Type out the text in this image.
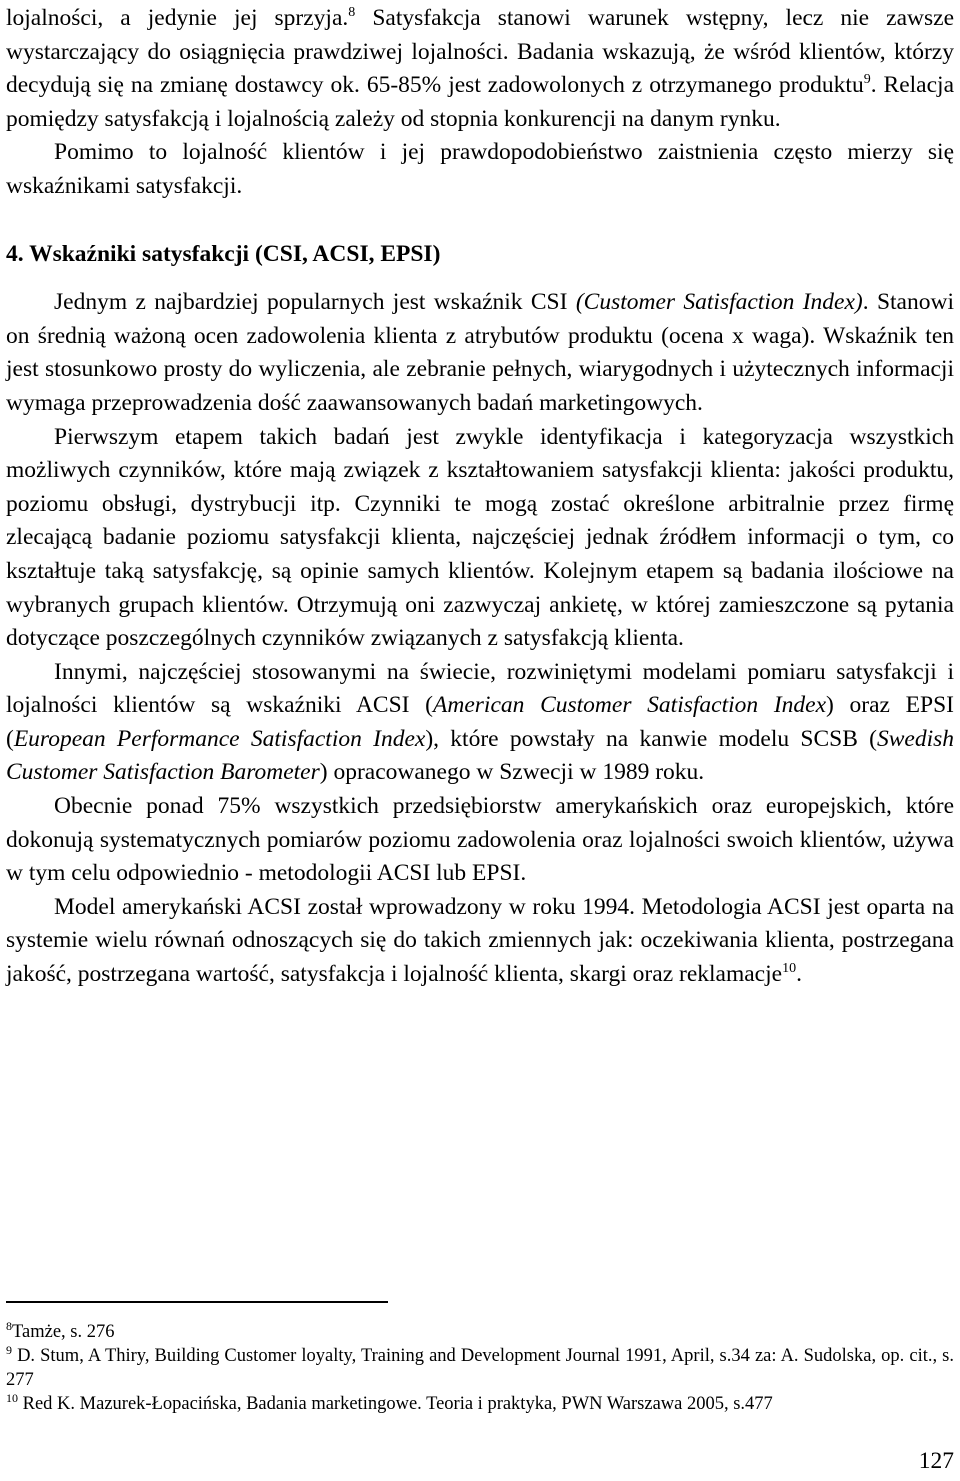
lojalności, a jedynie jej sprzyja.$^8$ Satysfakcja stanowi warunek wstępny, lecz nie zawsze wystarczający do osiągnięcia prawdziwej lojalności. Badania wskazują, że wśród klientów, którzy decydują się na zmianę dostawcy ok. 65-85% jest zadowolonych z otrzymanego produktu$^9$. Relacja pomiędzy satysfakcją i lojalnością zależy od stopnia konkurencji na danym rynku.

Pomimo to lojalność klientów i jej prawdopodobieństwo zaistnienia często mierzy się wskaźnikami satysfakcji.

4. Wskaźniki satysfakcji (CSI, ACSI, EPSI)

Jednym z najbardziej popularnych jest wskaźnik CSI (Customer Satisfaction Index). Stanowi on średnią ważoną ocen zadowolenia klienta z atrybutów produktu (ocena x waga). Wskaźnik ten jest stosunkowo prosty do wyliczenia, ale zebranie pełnych, wiarygodnych i użytecznych informacji wymaga przeprowadzenia dość zaawansowanych badań marketingowych.

Pierwszym etapem takich badań jest zwykle identyfikacja i kategoryzacja wszystkich możliwych czynników, które mają związek z kształtowaniem satysfakcji klienta: jakości produktu, poziomu obsługi, dystrybucji itp. Czynniki te mogą zostać określone arbitralnie przez firmę zlecającą badanie poziomu satysfakcji klienta, najczęściej jednak źródłem informacji o tym, co kształtuje taką satysfakcję, są opinie samych klientów. Kolejnym etapem są badania ilościowe na wybranych grupach klientów. Otrzymują oni zazwyczaj ankietę, w której zamieszczone są pytania dotyczące poszczególnych czynników związanych z satysfakcją klienta.

Innymi, najczęściej stosowanymi na świecie, rozwiniętymi modelami pomiaru satysfakcji i lojalności klientów są wskaźniki ACSI (American Customer Satisfaction Index) oraz EPSI (European Performance Satisfaction Index), które powstały na kanwie modelu SCSB (Swedish Customer Satisfaction Barometer) opracowanego w Szwecji w 1989 roku.

Obecnie ponad 75% wszystkich przedsiębiorstw amerykańskich oraz europejskich, które dokonują systematycznych pomiarów poziomu zadowolenia oraz lojalności swoich klientów, używa w tym celu odpowiednio - metodologii ACSI lub EPSI.

Model amerykański ACSI został wprowadzony w roku 1994. Metodologia ACSI jest oparta na systemie wielu równań odnoszących się do takich zmiennych jak: oczekiwania klienta, postrzegana jakość, postrzegana wartość, satysfakcja i lojalność klienta, skargi oraz reklamacje$^{10}$.

$^8$Tamże, s. 276

$^9$ D. Stum, A Thiry, Building Customer loyalty, Training and Development Journal 1991, April, s.34 za: A. Sudolska, op. cit., s. 277

$^{10}$ Red K. Mazurek-Łopacińska, Badania marketingowe. Teoria i praktyka, PWN Warszawa 2005, s.477

127
